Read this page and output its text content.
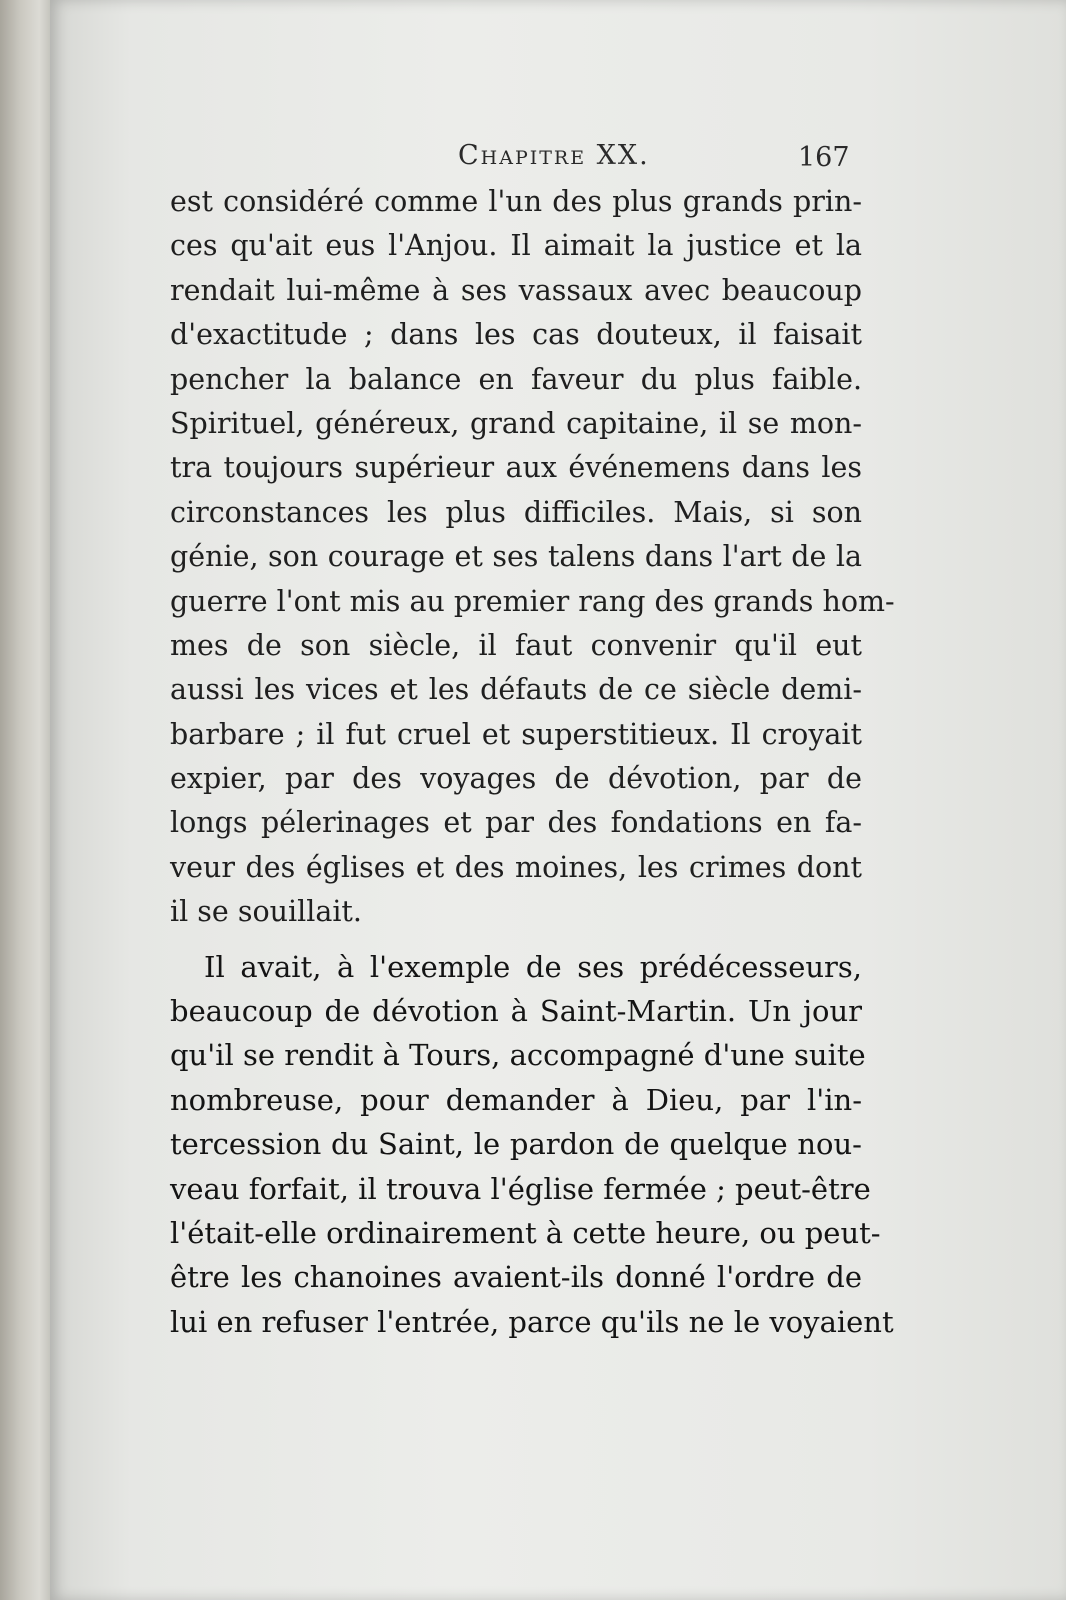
Chapitre XX.	167
est considéré comme l'un des plus grands prin-
ces qu'ait eus l'Anjou. Il aimait la justice et la
rendait lui-même à ses vassaux avec beaucoup
d'exactitude ; dans les cas douteux, il faisait
pencher la balance en faveur du plus faible.
Spirituel, généreux, grand capitaine, il se mon-
tra toujours supérieur aux événemens dans les
circonstances les plus difficiles. Mais, si son
génie, son courage et ses talens dans l'art de la
guerre l'ont mis au premier rang des grands hom-
mes de son siècle, il faut convenir qu'il eut
aussi les vices et les défauts de ce siècle demi-
barbare ; il fut cruel et superstitieux. Il croyait
expier, par des voyages de dévotion, par de
longs pélerinages et par des fondations en fa-
veur des églises et des moines, les crimes dont
il se souillait.
Il avait, à l'exemple de ses prédécesseurs,
beaucoup de dévotion à Saint-Martin. Un jour
qu'il se rendit à Tours, accompagné d'une suite
nombreuse, pour demander à Dieu, par l'in-
tercession du Saint, le pardon de quelque nou-
veau forfait, il trouva l'église fermée ; peut-être
l'était-elle ordinairement à cette heure, ou peut-
être les chanoines avaient-ils donné l'ordre de
lui en refuser l'entrée, parce qu'ils ne le voyaient
